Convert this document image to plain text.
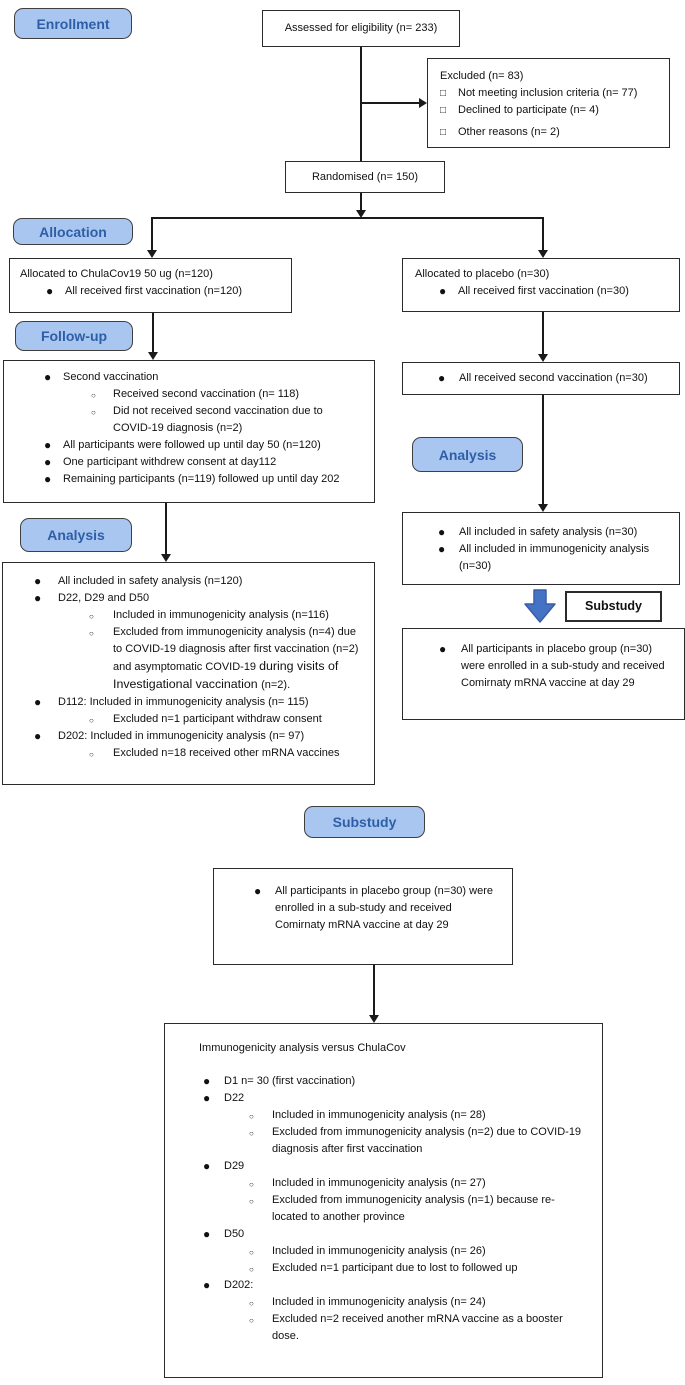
Enrollment
Allocation
Follow-up
Analysis
Analysis
Substudy
Assessed for eligibility (n= 233)
Excluded (n= 83)
□	Not meeting inclusion criteria (n= 77)
□	Declined to participate (n= 4)
□	Other reasons (n= 2)
Randomised (n= 150)
Allocated to ChulaCov19 50 ug (n=120)
●	All received first vaccination (n=120)
Allocated to placebo (n=30)
●	All received first vaccination (n=30)
●	Second vaccination
○	Received second vaccination (n= 118)
○	Did not received second vaccination due to COVID-19 diagnosis (n=2)
●	All participants were followed up until day 50 (n=120)
●	One participant withdrew consent at day112
●	Remaining participants (n=119) followed up until day 202
●	All received second vaccination (n=30)
●	All included in safety analysis (n=120)
●	D22, D29 and D50
○	Included in immunogenicity analysis (n=116)
○	Excluded from immunogenicity analysis (n=4) due to COVID-19 diagnosis after first vaccination (n=2) and asymptomatic COVID-19 during visits of Investigational vaccination (n=2).
●	D112: Included in immunogenicity analysis (n= 115)
○	Excluded n=1 participant withdraw consent
●	D202: Included in immunogenicity analysis (n= 97)
○	Excluded n=18 received other mRNA vaccines
●	All included in safety analysis (n=30)
●	All included in immunogenicity analysis (n=30)
Substudy
●	All participants in placebo group (n=30) were enrolled in a sub-study and received Comirnaty mRNA vaccine at day 29
●	All participants in placebo group (n=30) were enrolled in a sub-study and received Comirnaty mRNA vaccine at day 29
Immunogenicity analysis versus ChulaCov
●	D1 n= 30 (first vaccination)
●	D22
○	Included in immunogenicity analysis (n= 28)
○	Excluded from immunogenicity analysis (n=2) due to COVID-19 diagnosis after first vaccination
●	D29
○	Included in immunogenicity analysis (n= 27)
○	Excluded from immunogenicity analysis (n=1) because re-located to another province
●	D50
○	Included in immunogenicity analysis (n= 26)
○	Excluded n=1 participant due to lost to followed up
●	D202:
○	Included in immunogenicity analysis (n= 24)
○	Excluded n=2 received another mRNA vaccine as a booster dose.
